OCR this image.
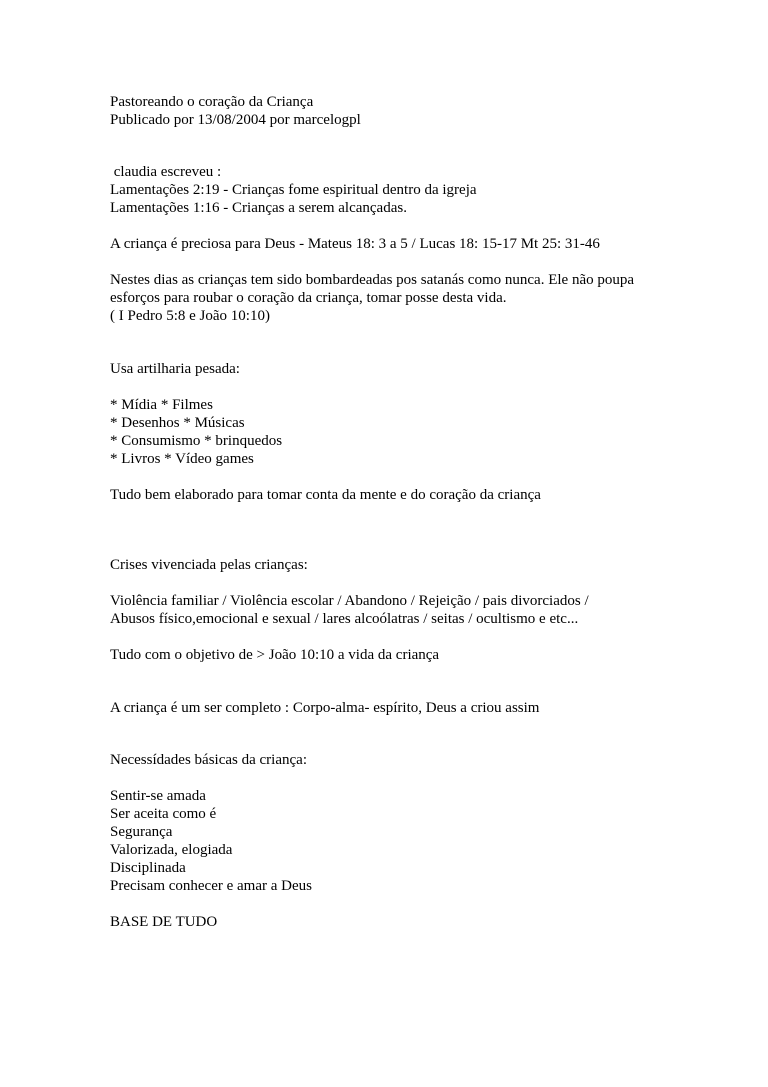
Pastoreando o coração da Criança

Publicado por 13/08/2004 por marcelogpl

claudia escreveu :

Lamentações 2:19 - Crianças fome espiritual dentro da igreja

Lamentações 1:16 - Crianças a serem alcançadas.

A criança é preciosa para Deus - Mateus 18: 3 a 5 / Lucas 18: 15-17 Mt 25: 31-46

Nestes dias as crianças tem sido bombardeadas pos satanás como nunca. Ele não poupa

esforços para roubar o coração da criança, tomar posse desta vida.

( I Pedro 5:8 e João 10:10)

Usa artilharia pesada:

* Mídia * Filmes

* Desenhos * Músicas

* Consumismo * brinquedos

* Livros * Vídeo games

Tudo bem elaborado para tomar conta da mente e do coração da criança

Crises vivenciada pelas crianças:

Violência familiar / Violência escolar / Abandono / Rejeição / pais divorciados /

Abusos físico,emocional e sexual / lares alcoólatras / seitas / ocultismo e etc...

Tudo com o objetivo de > João 10:10 a vida da criança

A criança é um ser completo : Corpo-alma- espírito, Deus a criou assim

Necessídades básicas da criança:

Sentir-se amada

Ser aceita como é

Segurança

Valorizada, elogiada

Disciplinada

Precisam conhecer e amar a Deus

BASE DE TUDO
